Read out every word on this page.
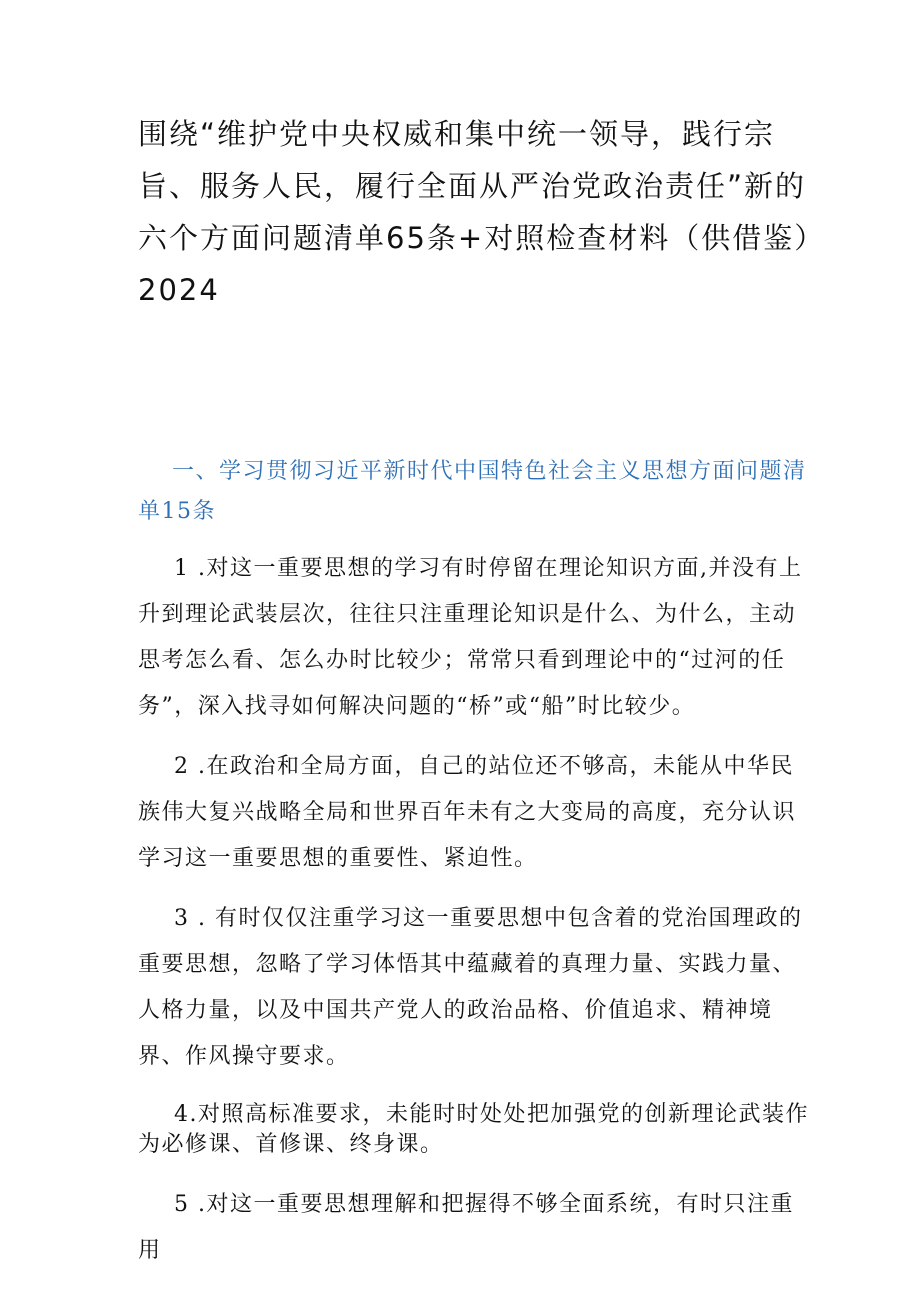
围绕“维护党中央权威和集中统一领导，践行宗旨、服务人民，履行全面从严治党政治责任”新的六个方面问题清单65条+对照检查材料（供借鉴）2024

一、学习贯彻习近平新时代中国特色社会主义思想方面问题清单15条

1 .对这一重要思想的学习有时停留在理论知识方面,并没有上升到理论武装层次，往往只注重理论知识是什么、为什么，主动思考怎么看、怎么办时比较少；常常只看到理论中的“过河的任务”，深入找寻如何解决问题的“桥”或“船”时比较少。

2 .在政治和全局方面，自己的站位还不够高，未能从中华民族伟大复兴战略全局和世界百年未有之大变局的高度，充分认识学习这一重要思想的重要性、紧迫性。

3 . 有时仅仅注重学习这一重要思想中包含着的党治国理政的重要思想，忽略了学习体悟其中蕴藏着的真理力量、实践力量、人格力量，以及中国共产党人的政治品格、价值追求、精神境界、作风操守要求。

4.对照高标准要求，未能时时处处把加强党的创新理论武装作为必修课、首修课、终身课。

5 .对这一重要思想理解和把握得不够全面系统，有时只注重用
